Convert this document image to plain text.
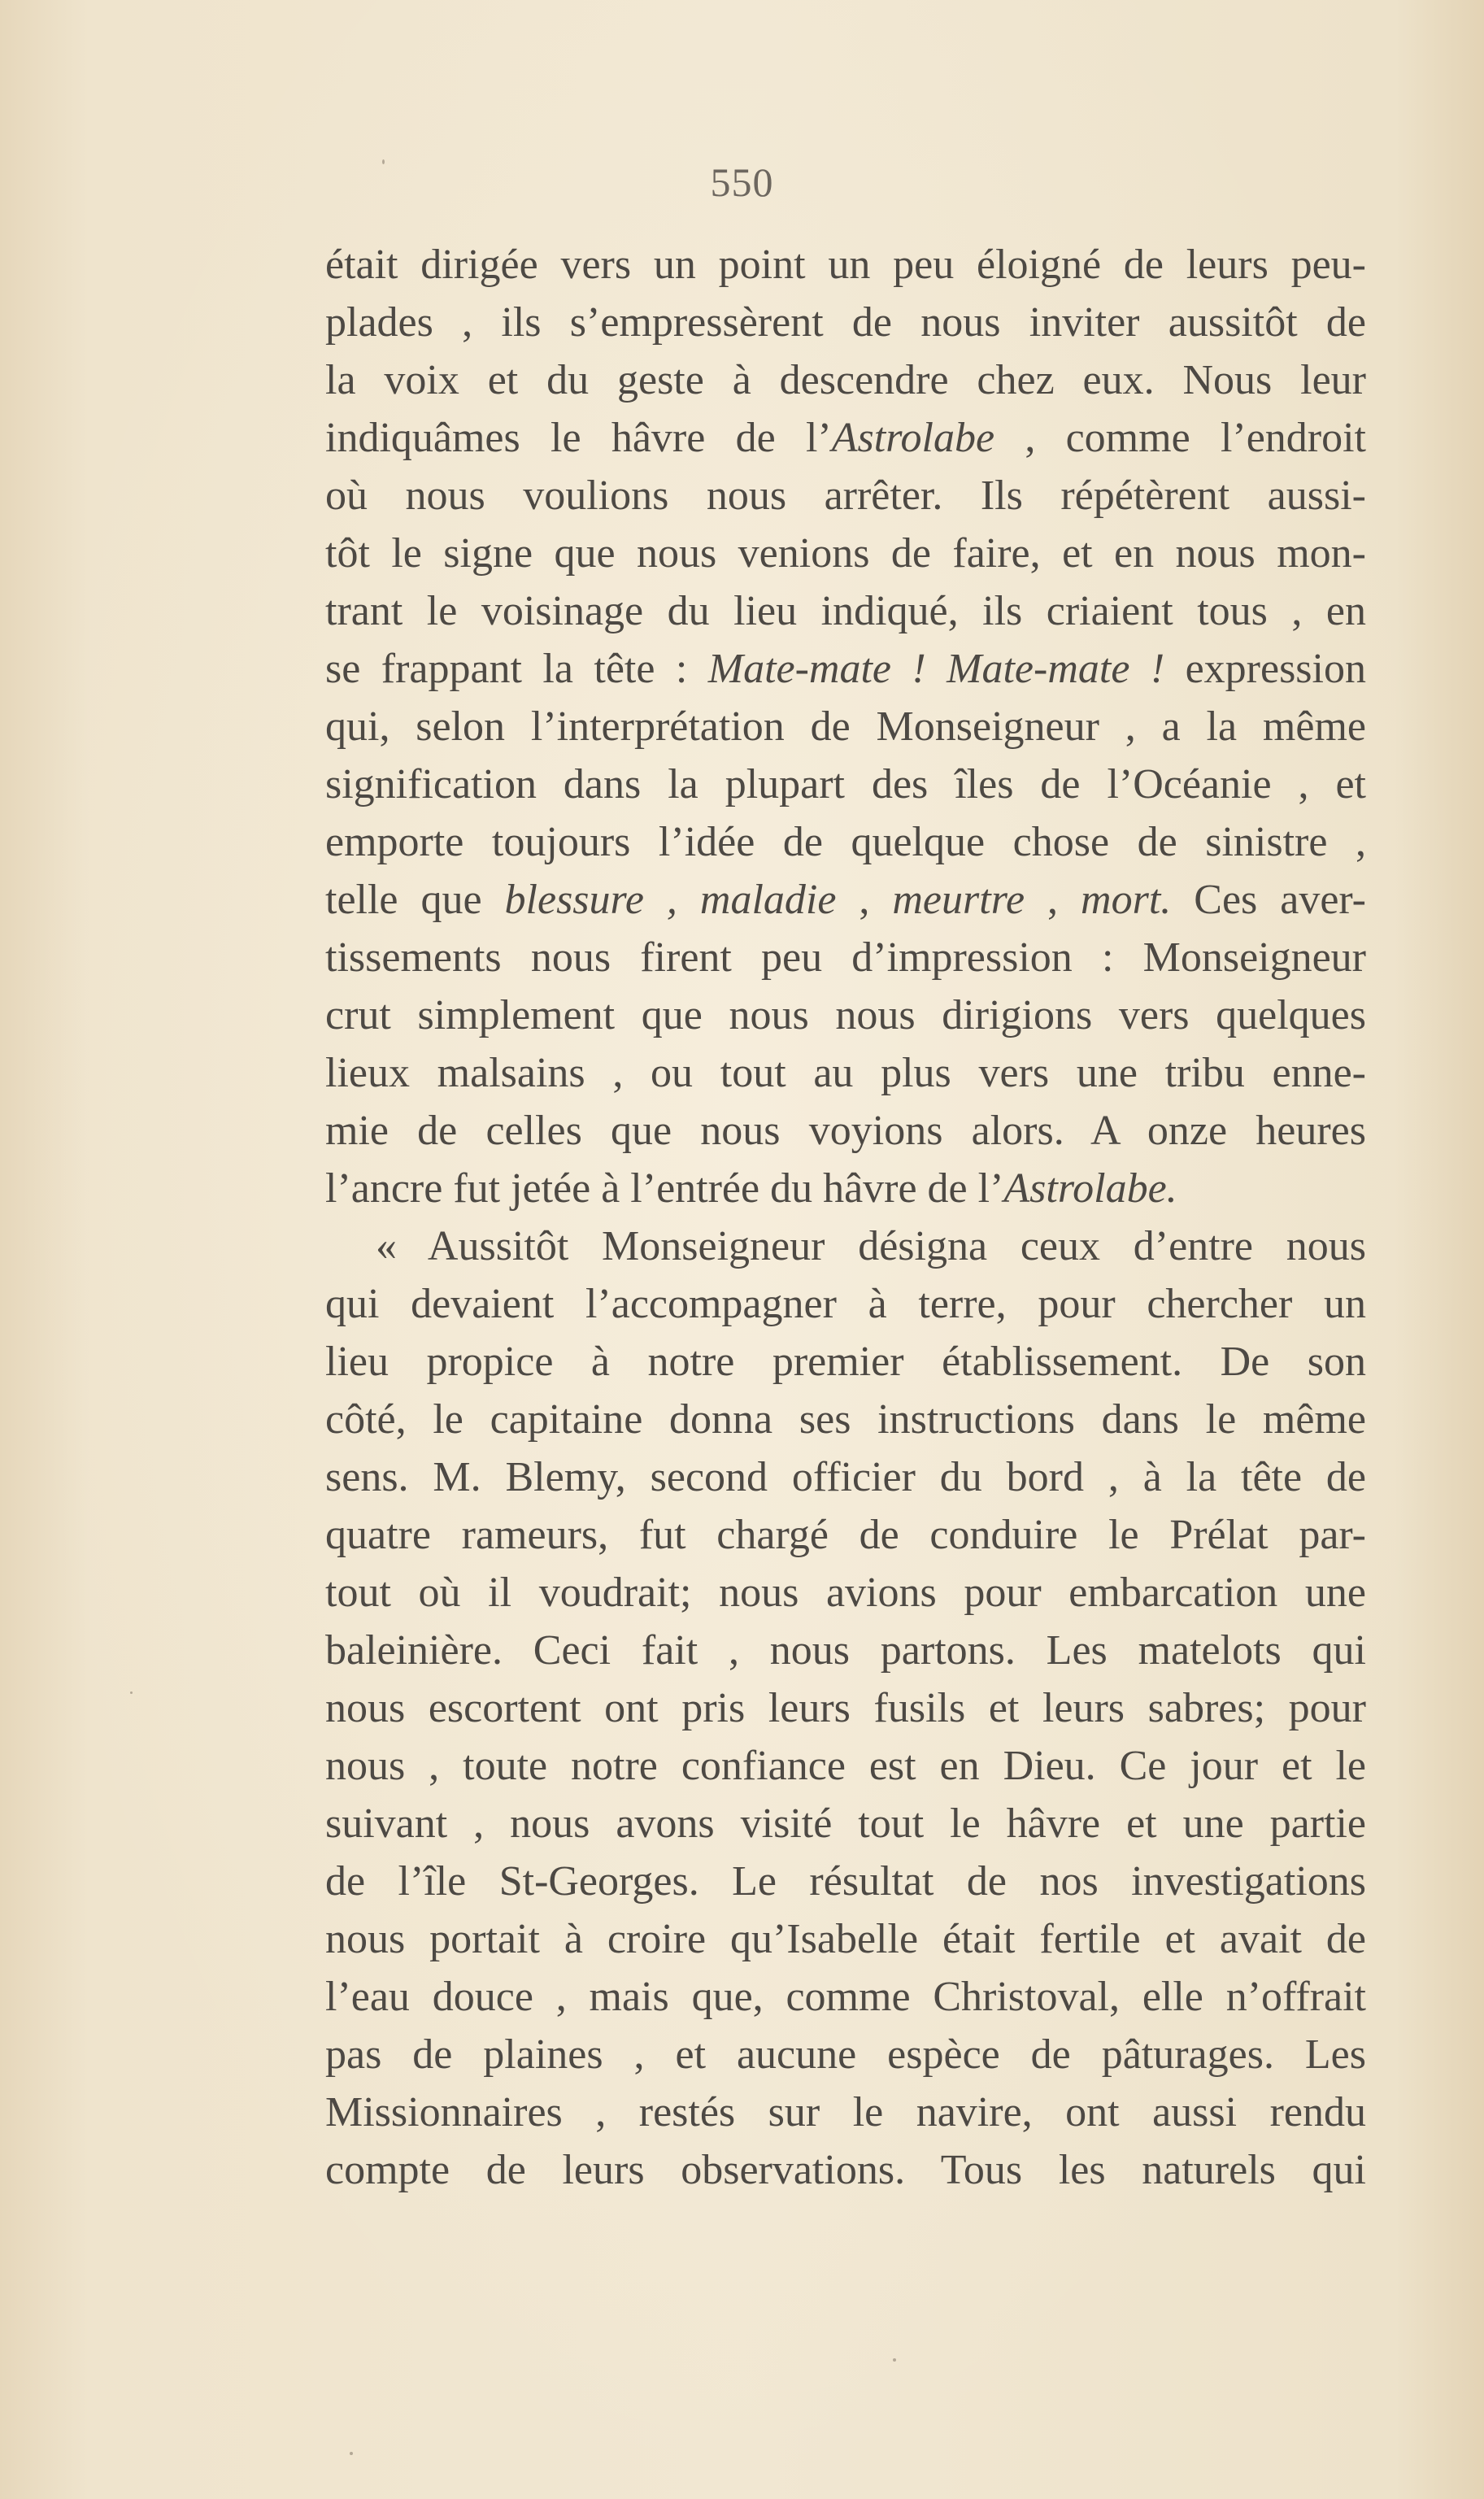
550
était dirigée vers un point un peu éloigné de leurs peu-
plades , ils s’empressèrent de nous inviter aussitôt de
la voix et du geste à descendre chez eux. Nous leur
indiquâmes le hâvre de l’Astrolabe , comme l’endroit
où nous voulions nous arrêter. Ils répétèrent aussi-
tôt le signe que nous venions de faire, et en nous mon-
trant le voisinage du lieu indiqué, ils criaient tous , en
se frappant la tête : Mate-mate ! Mate-mate ! expression
qui, selon l’interprétation de Monseigneur , a la même
signification dans la plupart des îles de l’Océanie , et
emporte toujours l’idée de quelque chose de sinistre ,
telle que blessure , maladie , meurtre , mort. Ces aver-
tissements nous firent peu d’impression : Monseigneur
crut simplement que nous nous dirigions vers quelques
lieux malsains , ou tout au plus vers une tribu enne-
mie de celles que nous voyions alors. A onze heures
l’ancre fut jetée à l’entrée du hâvre de l’Astrolabe.
« Aussitôt Monseigneur désigna ceux d’entre nous
qui devaient l’accompagner à terre, pour chercher un
lieu propice à notre premier établissement. De son
côté, le capitaine donna ses instructions dans le même
sens. M. Blemy, second officier du bord , à la tête de
quatre rameurs, fut chargé de conduire le Prélat par-
tout où il voudrait; nous avions pour embarcation une
baleinière. Ceci fait , nous partons. Les matelots qui
nous escortent ont pris leurs fusils et leurs sabres; pour
nous , toute notre confiance est en Dieu. Ce jour et le
suivant , nous avons visité tout le hâvre et une partie
de l’île St-Georges. Le résultat de nos investigations
nous portait à croire qu’Isabelle était fertile et avait de
l’eau douce , mais que, comme Christoval, elle n’offrait
pas de plaines , et aucune espèce de pâturages. Les
Missionnaires , restés sur le navire, ont aussi rendu
compte de leurs observations. Tous les naturels qui
